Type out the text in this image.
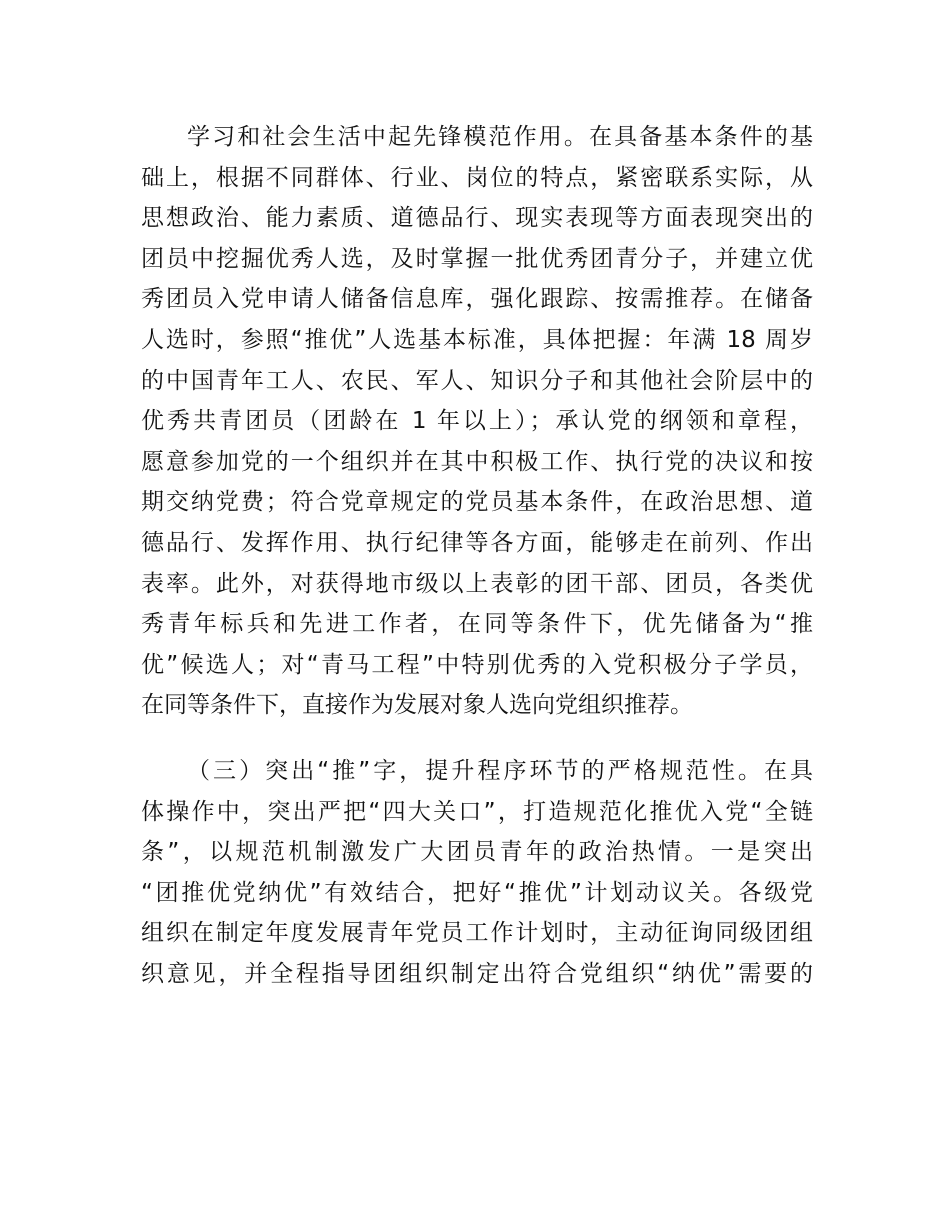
学习和社会生活中起先锋模范作用。在具备基本条件的基
础上，根据不同群体、行业、岗位的特点，紧密联系实际，从
思想政治、能力素质、道德品行、现实表现等方面表现突出的
团员中挖掘优秀人选，及时掌握一批优秀团青分子，并建立优
秀团员入党申请人储备信息库，强化跟踪、按需推荐。在储备
人选时，参照“推优”人选基本标准，具体把握：年满 18 周岁
的中国青年工人、农民、军人、知识分子和其他社会阶层中的
优秀共青团员（团龄在 1 年以上）；承认党的纲领和章程，
愿意参加党的一个组织并在其中积极工作、执行党的决议和按
期交纳党费；符合党章规定的党员基本条件，在政治思想、道
德品行、发挥作用、执行纪律等各方面，能够走在前列、作出
表率。此外，对获得地市级以上表彰的团干部、团员，各类优
秀青年标兵和先进工作者，在同等条件下，优先储备为“推
优”候选人；对“青马工程”中特别优秀的入党积极分子学员，
在同等条件下，直接作为发展对象人选向党组织推荐。
（三）突出“推”字，提升程序环节的严格规范性。在具
体操作中，突出严把“四大关口”，打造规范化推优入党“全链
条”，以规范机制激发广大团员青年的政治热情。一是突出
“团推优党纳优”有效结合，把好“推优”计划动议关。各级党
组织在制定年度发展青年党员工作计划时，主动征询同级团组
织意见，并全程指导团组织制定出符合党组织“纳优”需要的
